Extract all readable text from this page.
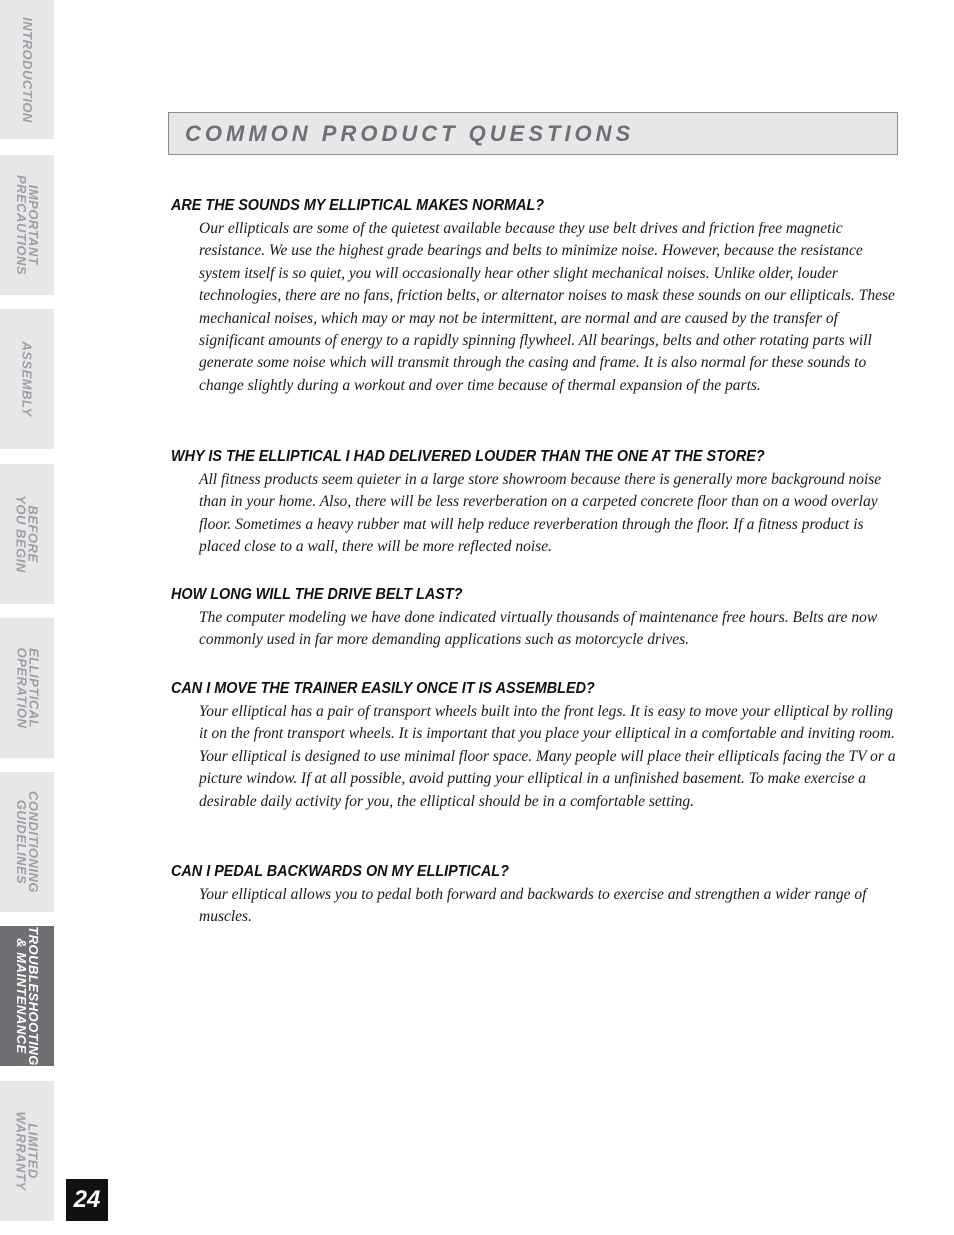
INTRODUCTION
IMPORTANT
PRECAUTIONS
ASSEMBLY
BEFORE
YOU BEGIN
ELLIPTICAL
OPERATION
CONDITIONING
GUIDELINES
TROUBLESHOOTING
& MAINTENANCE
LIMITED
WARRANTY
COMMON PRODUCT QUESTIONS
ARE THE SOUNDS MY ELLIPTICAL MAKES NORMAL?
Our ellipticals are some of the quietest available because they use belt drives and friction free magnetic resistance. We use the highest grade bearings and belts to minimize noise. However, because the resistance system itself is so quiet, you will occasionally hear other slight mechanical noises. Unlike older, louder technologies, there are no fans, friction belts, or alternator noises to mask these sounds on our ellipticals. These mechanical noises, which may or may not be intermittent, are normal and are caused by the transfer of significant amounts of energy to a rapidly spinning flywheel. All bearings, belts and other rotating parts will generate some noise which will transmit through the casing and frame. It is also normal for these sounds to change slightly during a workout and over time because of thermal expansion of the parts.
WHY IS THE ELLIPTICAL I HAD DELIVERED LOUDER THAN THE ONE AT THE STORE?
All fitness products seem quieter in a large store showroom because there is generally more background noise than in your home. Also, there will be less reverberation on a carpeted concrete floor than on a wood overlay floor. Sometimes a heavy rubber mat will help reduce reverberation through the floor. If a fitness product is placed close to a wall, there will be more reflected noise.
HOW LONG WILL THE DRIVE BELT LAST?
The computer modeling we have done indicated virtually thousands of maintenance free hours. Belts are now commonly used in far more demanding applications such as motorcycle drives.
CAN I MOVE THE TRAINER EASILY ONCE IT IS ASSEMBLED?
Your elliptical has a pair of transport wheels built into the front legs. It is easy to move your elliptical by rolling it on the front transport wheels. It is important that you place your elliptical in a comfortable and inviting room. Your elliptical is designed to use minimal floor space. Many people will place their ellipticals facing the TV or a picture window. If at all possible, avoid putting your elliptical in a unfinished basement. To make exercise a desirable daily activity for you, the elliptical should be in a comfortable setting.
CAN I PEDAL BACKWARDS ON MY ELLIPTICAL?
Your elliptical allows you to pedal both forward and backwards to exercise and strengthen a wider range of muscles.
24
